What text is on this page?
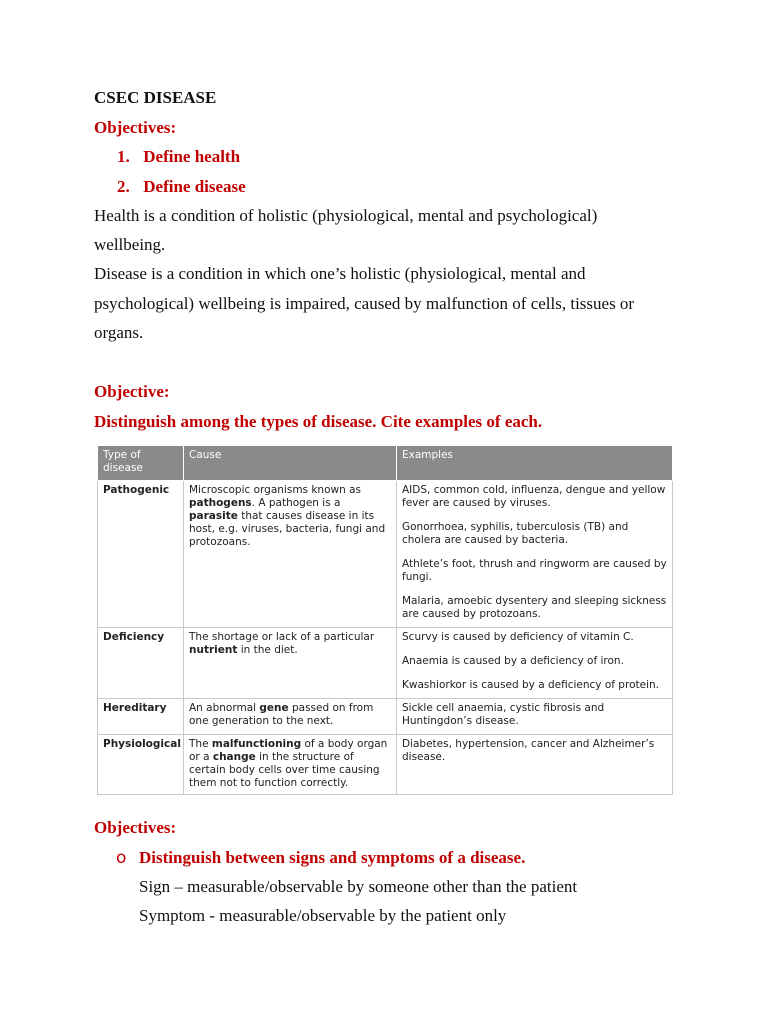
CSEC DISEASE
Objectives:
1. Define health
2. Define disease
Health is a condition of holistic (physiological, mental and psychological)
wellbeing.
Disease is a condition in which one’s holistic (physiological, mental and
psychological) wellbeing is impaired, caused by malfunction of cells, tissues or
organs.
Objective:
Distinguish among the types of disease. Cite examples of each.
Type of disease	Cause	Examples
Pathogenic	Microscopic organisms known as pathogens. A pathogen is a parasite that causes disease in its host, e.g. viruses, bacteria, fungi and protozoans.	AIDS, common cold, influenza, dengue and yellow fever are caused by viruses.

Gonorrhoea, syphilis, tuberculosis (TB) and cholera are caused by bacteria.

Athlete’s foot, thrush and ringworm are caused by fungi.

Malaria, amoebic dysentery and sleeping sickness are caused by protozoans.

Deficiency	The shortage or lack of a particular nutrient in the diet.	Scurvy is caused by deficiency of vitamin C.

Anaemia is caused by a deficiency of iron.

Kwashiorkor is caused by a deficiency of protein.

Hereditary	An abnormal gene passed on from one generation to the next.	Sickle cell anaemia, cystic fibrosis and Huntingdon’s disease.

Physiological	The malfunctioning of a body organ or a change in the structure of certain body cells over time causing them not to function correctly.	Diabetes, hypertension, cancer and Alzheimer’s disease.

Objectives:
o Distinguish between signs and symptoms of a disease.
Sign – measurable/observable by someone other than the patient
Symptom - measurable/observable by the patient only
